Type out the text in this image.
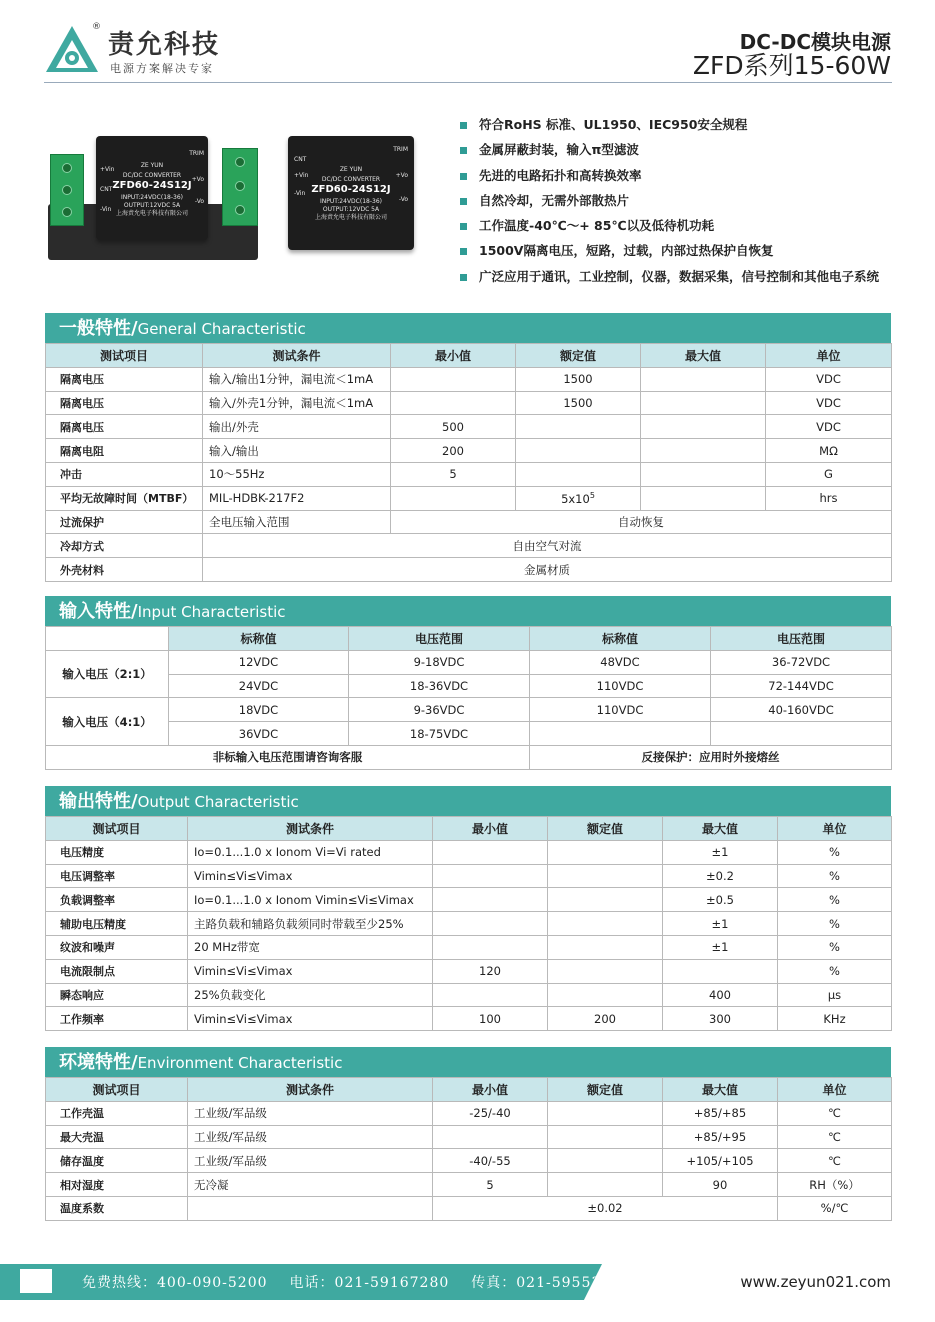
®
责允科技
电源方案解决专家
DC-DC模块电源
ZFD系列15-60W
ZE YUN
DC/DC CONVERTER
ZFD60-24S12J
INPUT:24VDC(18-36)
OUTPUT:12VDC 5A
上海责允电子科技有限公司
+Vin
CNT
-Vin
TRIM
+Vo
-Vo
ZE YUN
DC/DC CONVERTER
ZFD60-24S12J
INPUT:24VDC(18-36)
OUTPUT:12VDC 5A
上海责允电子科技有限公司
CNT
+Vin
-Vin
TRIM
+Vo
-Vo
符合RoHS 标准、UL1950、IEC950安全规程
金属屏蔽封装，输入π型滤波
先进的电路拓扑和高转换效率
自然冷却，无需外部散热片
工作温度-40℃～+ 85℃以及低待机功耗
1500V隔离电压，短路，过载，内部过热保护自恢复
广泛应用于通讯，工业控制，仪器，数据采集，信号控制和其他电子系统
一般特性/General Characteristic
测试项目	测试条件	最小值	额定值	最大值	单位
隔离电压	输入/输出1分钟，漏电流＜1mA		1500		VDC
隔离电压	输入/外壳1分钟，漏电流＜1mA		1500		VDC
隔离电压	输出/外壳	500			VDC
隔离电阻	输入/输出	200			MΩ
冲击	10～55Hz	5			G
平均无故障时间（MTBF）	MIL-HDBK-217F2		$5x10^5$		hrs
过流保护	全电压输入范围	自动恢复			
冷却方式	自由空气对流				
外壳材料	金属材质				
输入特性/Input Characteristic
	标称值	电压范围	标称值	电压范围
输入电压（2:1）	12VDC	9-18VDC	48VDC	36-72VDC
	24VDC	18-36VDC	110VDC	72-144VDC
输入电压（4:1）	18VDC	9-36VDC	110VDC	40-160VDC
	36VDC	18-75VDC		
非标输入电压范围请咨询客服			反接保护：应用时外接熔丝	
输出特性/Output Characteristic
测试项目	测试条件	最小值	额定值	最大值	单位
电压精度	Io=0.1...1.0 x Ionom Vi=Vi rated			±1	%
电压调整率	Vimin≤Vi≤Vimax			±0.2	%
负载调整率	Io=0.1...1.0 x Ionom Vimin≤Vi≤Vimax			±0.5	%
辅助电压精度	主路负载和辅路负载须同时带载至少25%			±1	%
纹波和噪声	20 MHz带宽			±1	%
电流限制点	Vimin≤Vi≤Vimax	120			%
瞬态响应	25%负载变化			400	μs
工作频率	Vimin≤Vi≤Vimax	100	200	300	KHz
环境特性/Environment Characteristic
测试项目	测试条件	最小值	额定值	最大值	单位
工作壳温	工业级/军品级	-25/-40		+85/+85	℃
最大壳温	工业级/军品级			+85/+95	℃
储存温度	工业级/军品级	-40/-55		+105/+105	℃
相对湿度	无冷凝	5		90	RH（%）
温度系数		±0.02			%/℃
免费热线：400-090-5200 电话：021-59167280 传真：021-59553702	www.zeyun021.com
